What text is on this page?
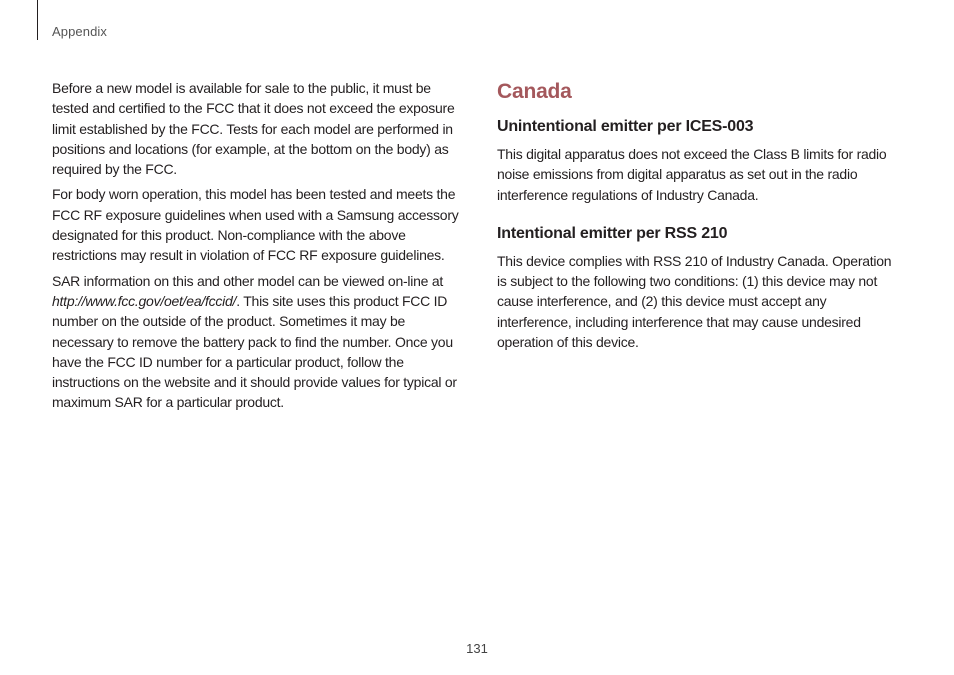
Appendix

Before a new model is available for sale to the public, it must be tested and certified to the FCC that it does not exceed the exposure limit established by the FCC. Tests for each model are performed in positions and locations (for example, at the bottom on the body) as required by the FCC.

For body worn operation, this model has been tested and meets the FCC RF exposure guidelines when used with a Samsung accessory designated for this product. Non-compliance with the above restrictions may result in violation of FCC RF exposure guidelines.

SAR information on this and other model can be viewed on-line at http://www.fcc.gov/oet/ea/fccid/. This site uses this product FCC ID number on the outside of the product. Sometimes it may be necessary to remove the battery pack to find the number. Once you have the FCC ID number for a particular product, follow the instructions on the website and it should provide values for typical or maximum SAR for a particular product.

Canada
Unintentional emitter per ICES-003

This digital apparatus does not exceed the Class B limits for radio noise emissions from digital apparatus as set out in the radio interference regulations of Industry Canada.

Intentional emitter per RSS 210

This device complies with RSS 210 of Industry Canada. Operation is subject to the following two conditions: (1) this device may not cause interference, and (2) this device must accept any interference, including interference that may cause undesired operation of this device.

131
